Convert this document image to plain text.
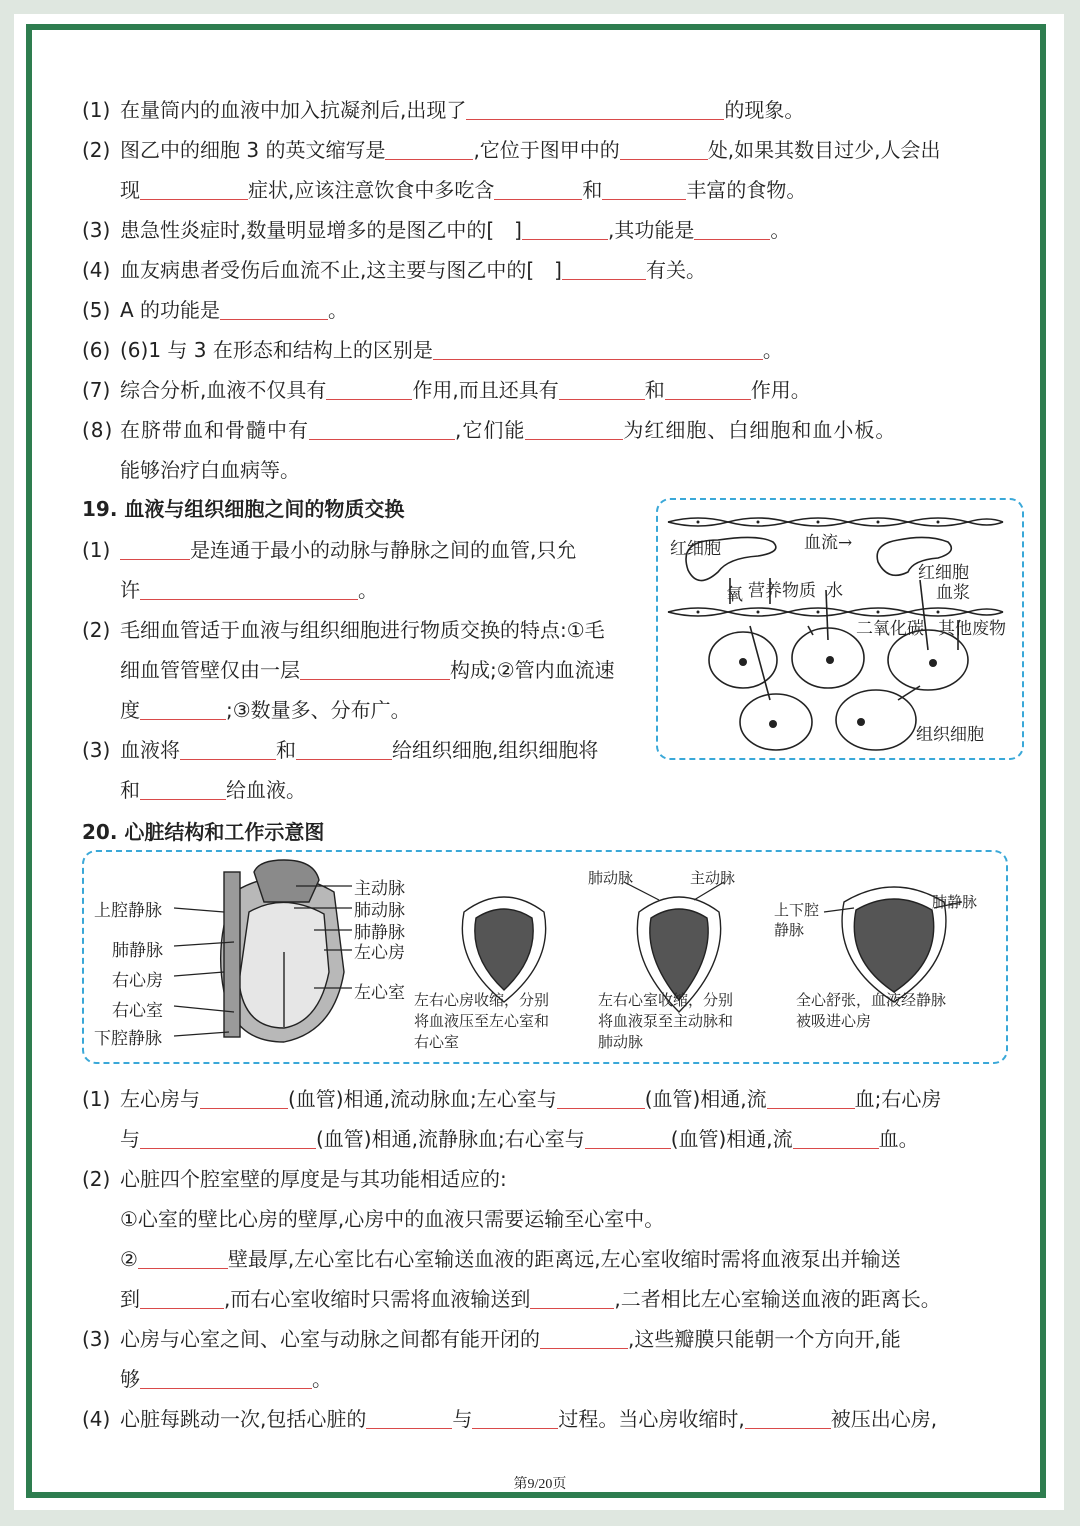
(1) 在量筒内的血液中加入抗凝剂后,出现了	的现象。
(2) 图乙中的细胞 3 的英文缩写是	,它位于图甲中的	处,如果其数目过少,人会出
现	症状,应该注意饮食中多吃含	和	丰富的食物。
(3) 患急性炎症时,数量明显增多的是图乙中的[　]	,其功能是	。
(4) 血友病患者受伤后血流不止,这主要与图乙中的[　]	有关。
(5) A 的功能是	。
(6) (6)1 与 3 在形态和结构上的区别是	。
(7) 综合分析,血液不仅具有	作用,而且还具有	和	作用。
(8) 在脐带血和骨髓中有	,它们能	为红细胞、白细胞和血小板。
能够治疗白血病等。
19. 血液与组织细胞之间的物质交换
(1)	是连通于最小的动脉与静脉之间的血管,只允
许	。
(2) 毛细血管适于血液与组织细胞进行物质交换的特点:①毛
细血管管壁仅由一层	构成;②管内血流速
度	;③数量多、分布广。
(3) 血液将	和	给组织细胞,组织细胞将
和	给血液。
红细胞	血流→
氧 营养物质 水
红细胞
血浆
二氧化碳 其他废物
组织细胞
20. 心脏结构和工作示意图
上腔静脉
肺静脉
右心房
右心室
下腔静脉
主动脉
肺动脉
肺静脉
左心房
左心室 左右心房收缩，分别
将血液压至左心室和
右心室
肺动脉	主动脉
左右心室收缩，分别
将血液泵至主动脉和
肺动脉
上下腔
静脉
肺静脉
全心舒张，血液经静脉
被吸进心房
(1) 左心房与	(血管)相通,流动脉血;左心室与	(血管)相通,流	血;右心房
与	(血管)相通,流静脉血;右心室与	(血管)相通,流	血。
(2) 心脏四个腔室壁的厚度是与其功能相适应的:
①心室的壁比心房的壁厚,心房中的血液只需要运输至心室中。
②	壁最厚,左心室比右心室输送血液的距离远,左心室收缩时需将血液泵出并输送
到	,而右心室收缩时只需将血液输送到	,二者相比左心室输送血液的距离长。
(3) 心房与心室之间、心室与动脉之间都有能开闭的	,这些瓣膜只能朝一个方向开,能
够	。
(4) 心脏每跳动一次,包括心脏的	与	过程。当心房收缩时,	被压出心房,
第9/20页
